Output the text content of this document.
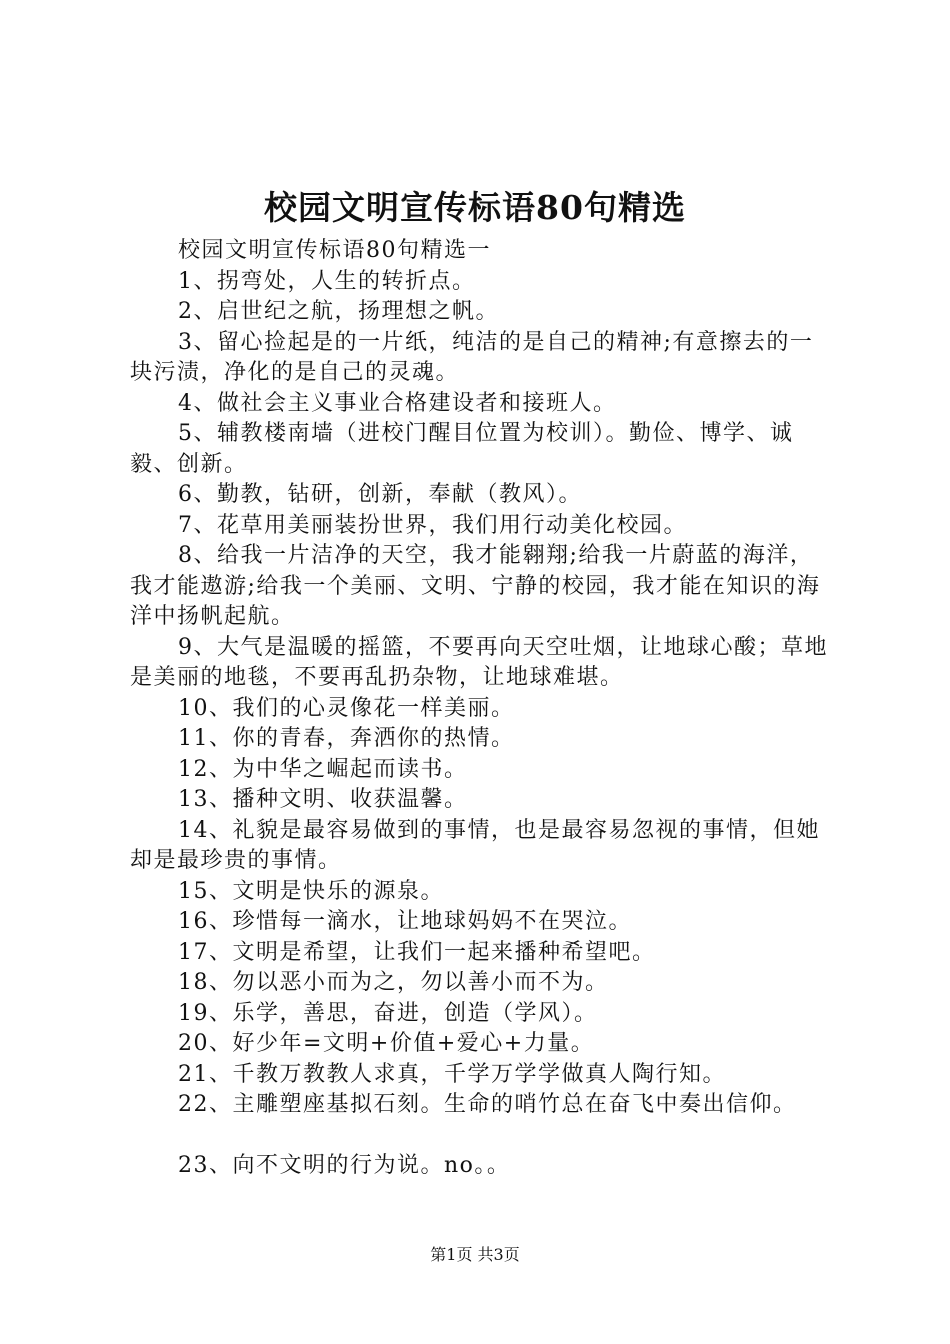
校园文明宣传标语80句精选

校园文明宣传标语80句精选一

1、拐弯处，人生的转折点。

2、启世纪之航，扬理想之帆。

3、留心捡起是的一片纸，纯洁的是自己的精神;有意擦去的一块污渍，净化的是自己的灵魂。

4、做社会主义事业合格建设者和接班人。

5、辅教楼南墙（进校门醒目位置为校训）。勤俭、博学、诚毅、创新。

6、勤教，钻研，创新，奉献（教风）。

7、花草用美丽装扮世界，我们用行动美化校园。

8、给我一片洁净的天空，我才能翱翔;给我一片蔚蓝的海洋，我才能遨游;给我一个美丽、文明、宁静的校园，我才能在知识的海洋中扬帆起航。

9、大气是温暖的摇篮，不要再向天空吐烟，让地球心酸；草地是美丽的地毯，不要再乱扔杂物，让地球难堪。

10、我们的心灵像花一样美丽。

11、你的青春，奔洒你的热情。

12、为中华之崛起而读书。

13、播种文明、收获温馨。

14、礼貌是最容易做到的事情，也是最容易忽视的事情，但她却是最珍贵的事情。

15、文明是快乐的源泉。

16、珍惜每一滴水，让地球妈妈不在哭泣。

17、文明是希望，让我们一起来播种希望吧。

18、勿以恶小而为之，勿以善小而不为。

19、乐学，善思，奋进，创造（学风）。

20、好少年=文明+价值+爱心+力量。

21、千教万教教人求真，千学万学学做真人陶行知。

22、主雕塑座基拟石刻。生命的哨竹总在奋飞中奏出信仰。

23、向不文明的行为说。no。。

第1页 共3页
